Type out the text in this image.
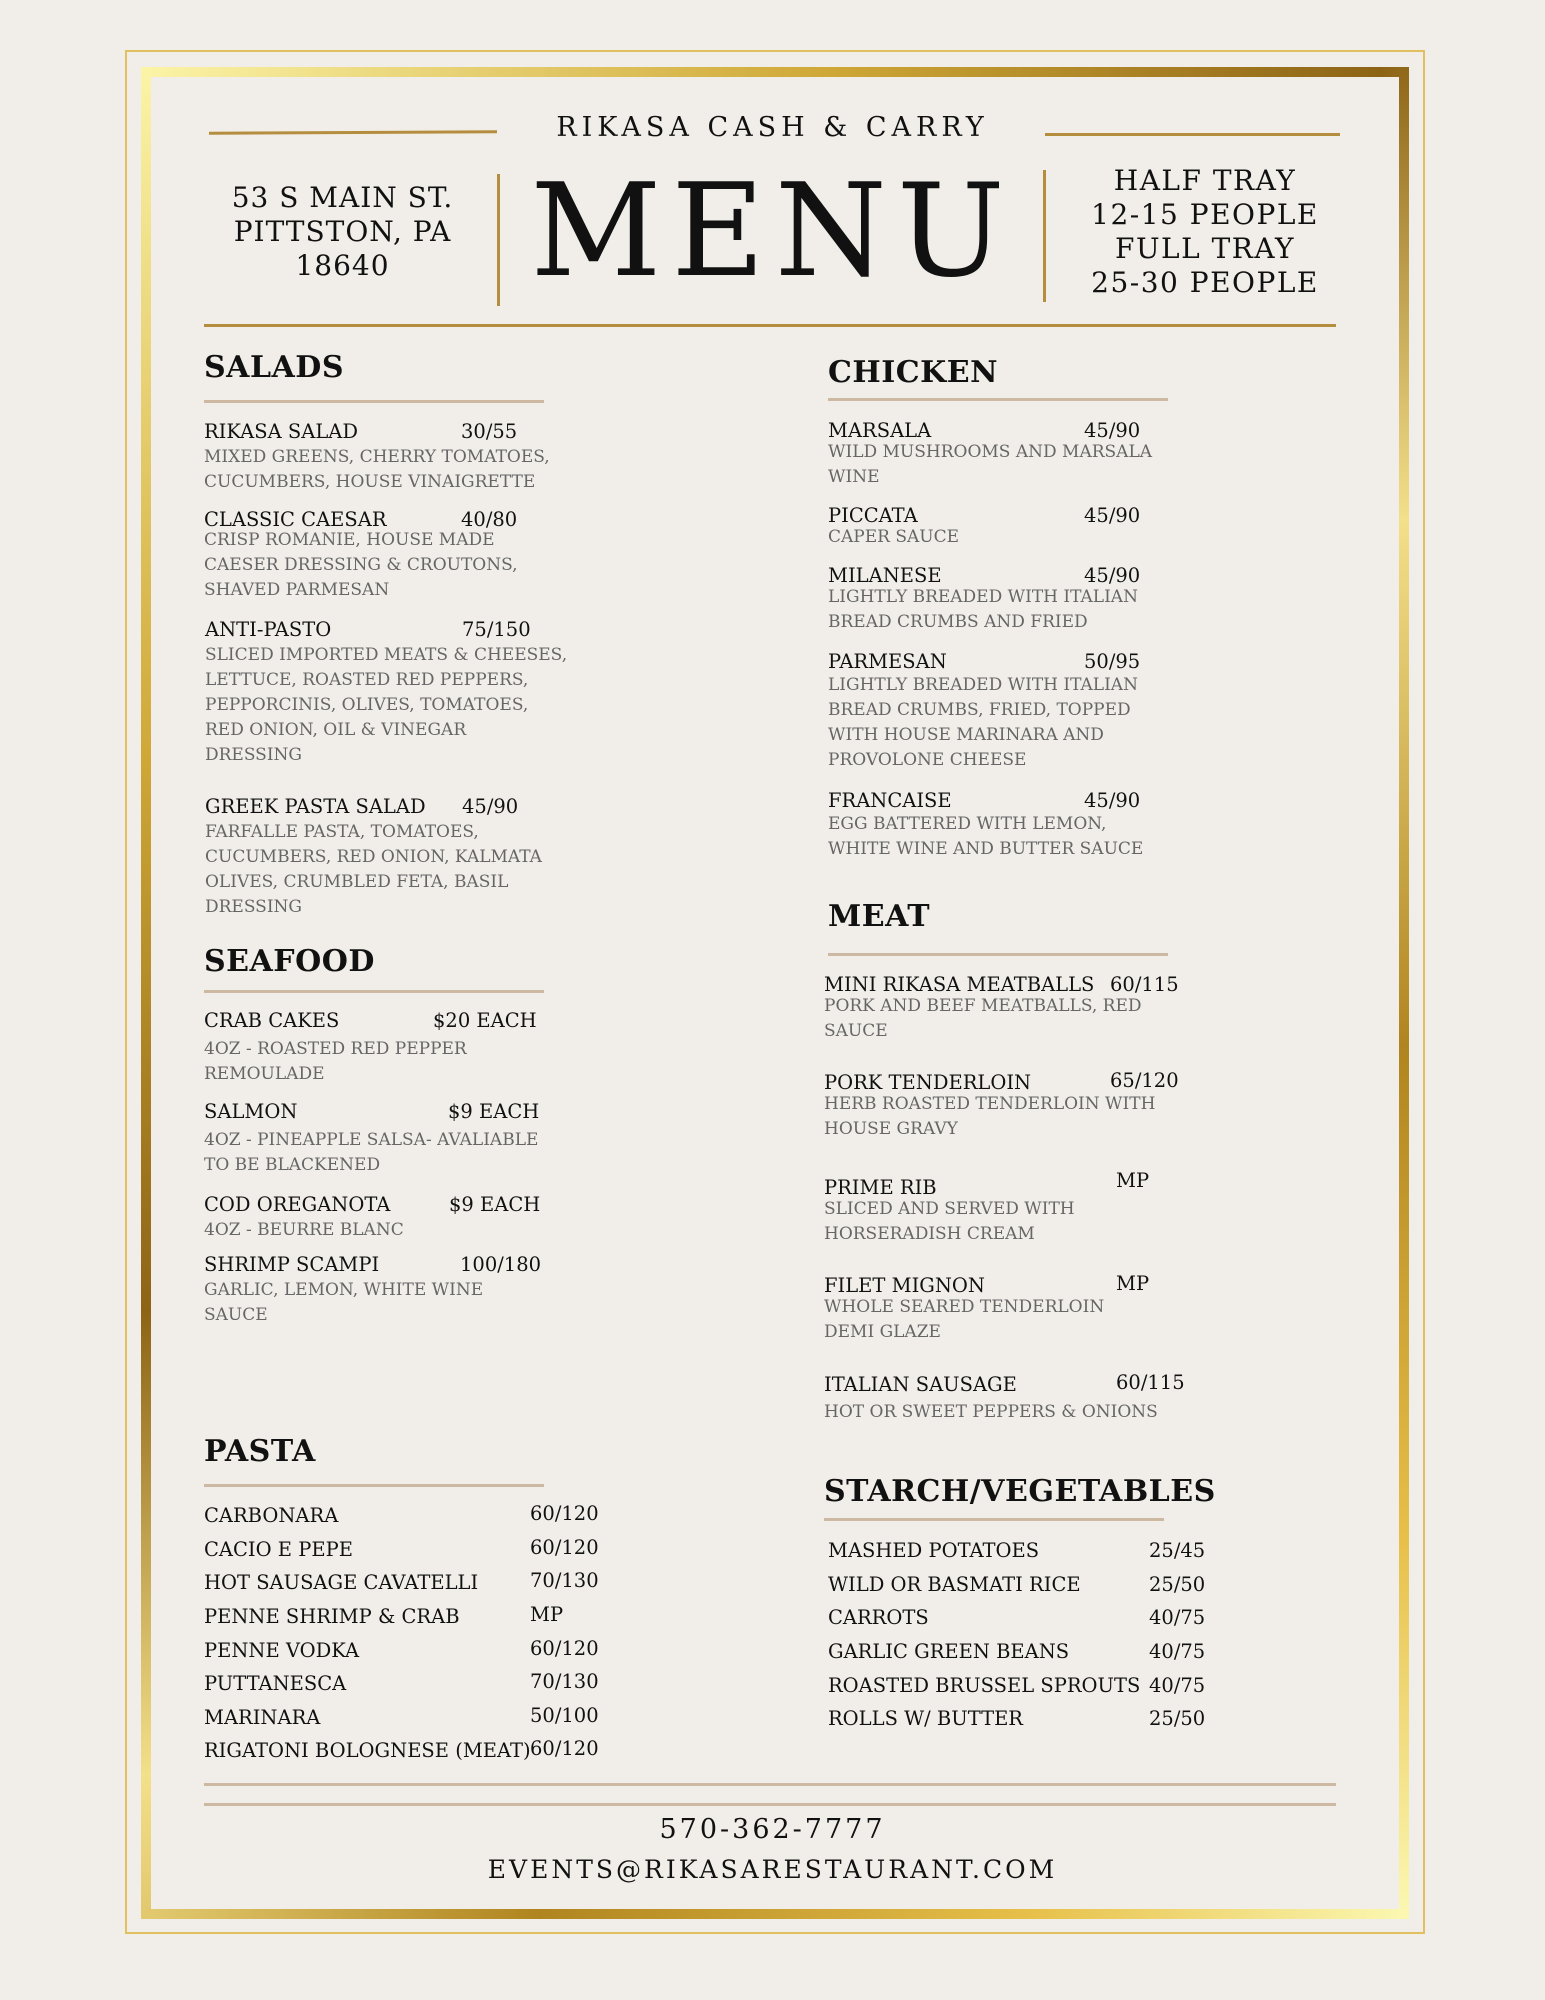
RIKASA CASH & CARRY
MENU
53 S MAIN ST.
PITTSTON, PA
18640
HALF TRAY
12-15 PEOPLE
FULL TRAY
25-30 PEOPLE
SALADS
RIKASA SALAD	30/55
MIXED GREENS, CHERRY TOMATOES,
CUCUMBERS, HOUSE VINAIGRETTE
CLASSIC CAESAR	40/80
CRISP ROMANIE, HOUSE MADE
CAESER DRESSING & CROUTONS,
SHAVED PARMESAN
ANTI-PASTO	75/150
SLICED IMPORTED MEATS & CHEESES,
LETTUCE, ROASTED RED PEPPERS,
PEPPORCINIS, OLIVES, TOMATOES,
RED ONION, OIL & VINEGAR
DRESSING
GREEK PASTA SALAD	45/90
FARFALLE PASTA, TOMATOES,
CUCUMBERS, RED ONION, KALMATA
OLIVES, CRUMBLED FETA, BASIL
DRESSING
SEAFOOD
CRAB CAKES	$20 EACH
4OZ - ROASTED RED PEPPER
REMOULADE
SALMON	$9 EACH
4OZ - PINEAPPLE SALSA- AVALIABLE
TO BE BLACKENED
COD OREGANOTA	$9 EACH
4OZ - BEURRE BLANC
SHRIMP SCAMPI	100/180
GARLIC, LEMON, WHITE WINE
SAUCE
PASTA
CARBONARA	60/120
CACIO E PEPE	60/120
HOT SAUSAGE CAVATELLI	70/130
PENNE SHRIMP & CRAB	MP
PENNE VODKA	60/120
PUTTANESCA	70/130
MARINARA	50/100
RIGATONI BOLOGNESE (MEAT) 60/120
CHICKEN
MARSALA	45/90
WILD MUSHROOMS AND MARSALA
WINE
PICCATA	45/90
CAPER SAUCE
MILANESE	45/90
LIGHTLY BREADED WITH ITALIAN
BREAD CRUMBS AND FRIED
PARMESAN	50/95
LIGHTLY BREADED WITH ITALIAN
BREAD CRUMBS, FRIED, TOPPED
WITH HOUSE MARINARA AND
PROVOLONE CHEESE
FRANCAISE	45/90
EGG BATTERED WITH LEMON,
WHITE WINE AND BUTTER SAUCE
MEAT
MINI RIKASA MEATBALLS 60/115
PORK AND BEEF MEATBALLS, RED
SAUCE
PORK TENDERLOIN	65/120
HERB ROASTED TENDERLOIN WITH
HOUSE GRAVY
PRIME RIB	MP
SLICED AND SERVED WITH
HORSERADISH CREAM
FILET MIGNON	MP
WHOLE SEARED TENDERLOIN
DEMI GLAZE
ITALIAN SAUSAGE	60/115
HOT OR SWEET PEPPERS & ONIONS
STARCH/VEGETABLES
MASHED POTATOES	25/45
WILD OR BASMATI RICE	25/50
CARROTS	40/75
GARLIC GREEN BEANS	40/75
ROASTED BRUSSEL SPROUTS 40/75
ROLLS W/ BUTTER	25/50
570-362-7777
EVENTS@RIKASARESTAURANT.COM
